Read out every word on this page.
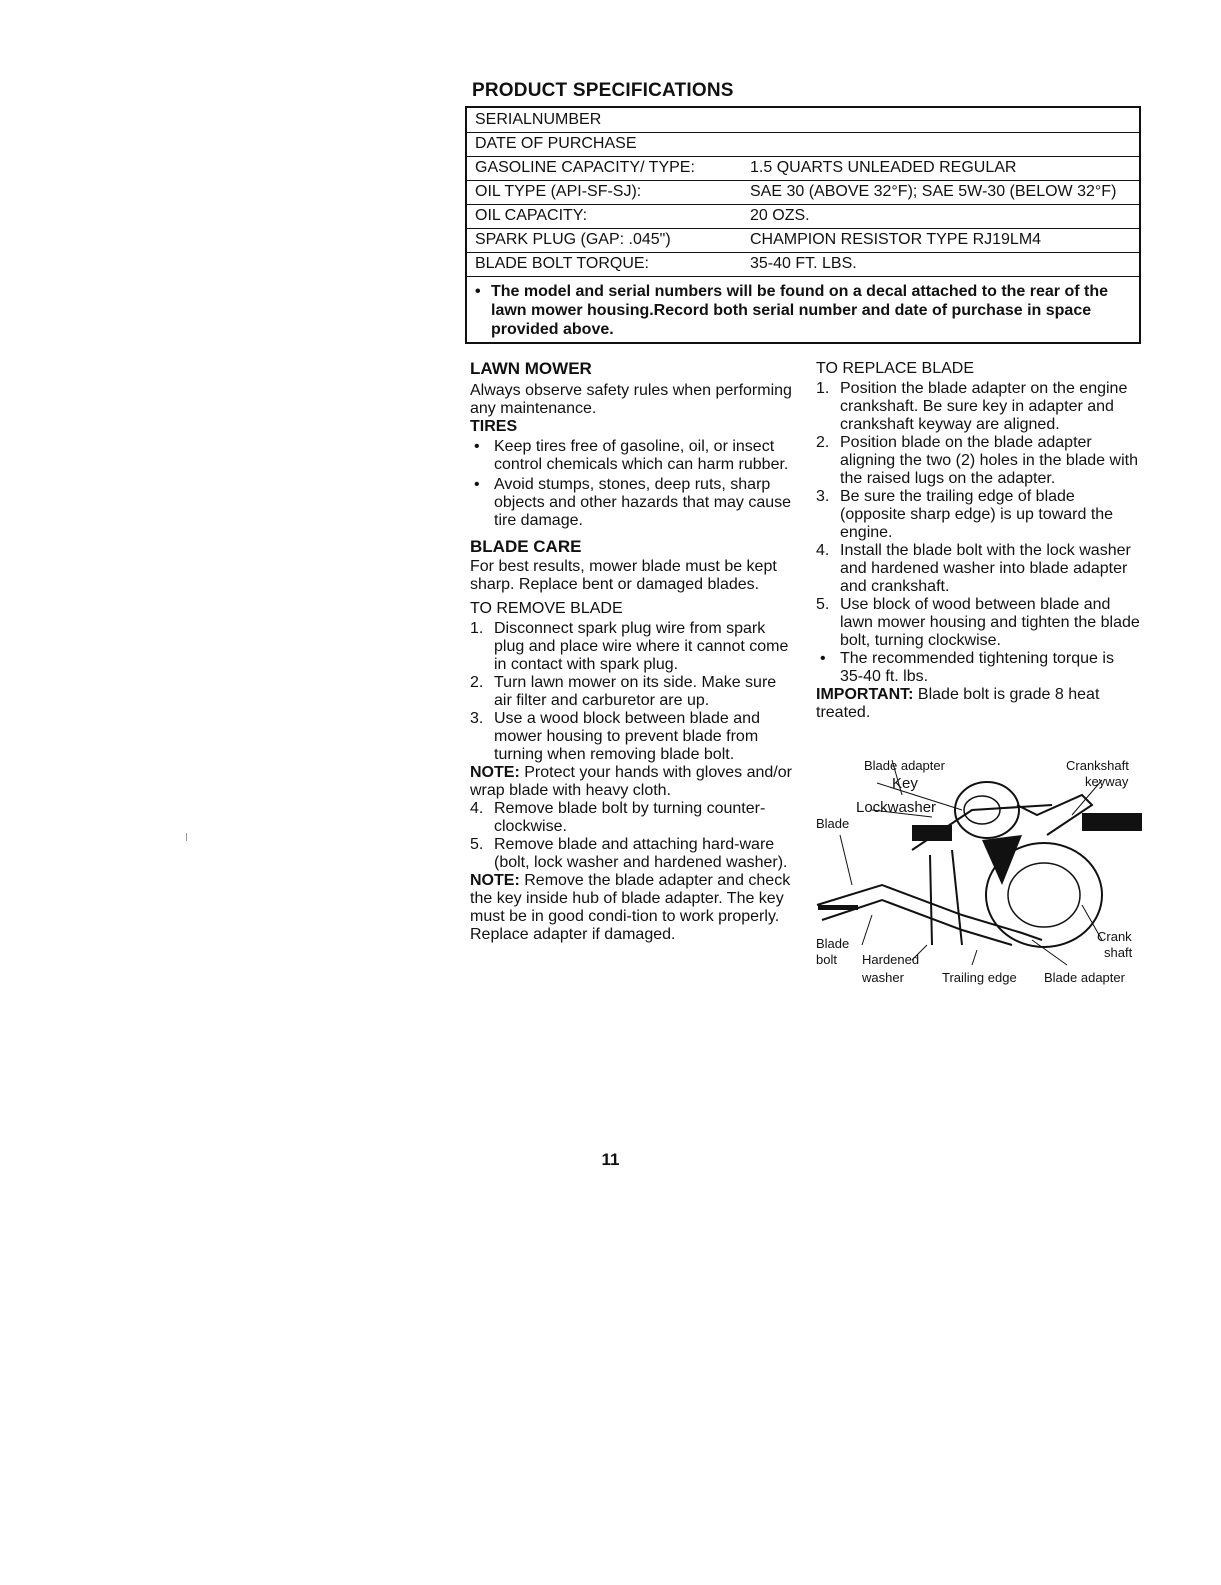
PRODUCT SPECIFICATIONS
SERIALNUMBER
DATE OF PURCHASE
GASOLINE CAPACITY/ TYPE:	1.5 QUARTS UNLEADED REGULAR
OIL TYPE (API-SF-SJ):	SAE 30 (ABOVE 32°F); SAE 5W-30 (BELOW 32°F)
OIL CAPACITY:	20 OZS.
SPARK PLUG (GAP: .045")	CHAMPION RESISTOR TYPE RJ19LM4
BLADE BOLT TORQUE:	35-40 FT. LBS.
• The model and serial numbers will be found on a decal attached to the rear of the lawn mower housing.Record both serial number and date of purchase in space provided above.
LAWN MOWER

Always observe safety rules when performing any maintenance.

TIRES
• Keep tires free of gasoline, oil, or insect control chemicals which can harm rubber.
• Avoid stumps, stones, deep ruts, sharp objects and other hazards that may cause tire damage.
BLADE CARE

For best results, mower blade must be kept sharp. Replace bent or damaged blades.

TO REMOVE BLADE
1. Disconnect spark plug wire from spark plug and place wire where it cannot come in contact with spark plug.
2. Turn lawn mower on its side. Make sure air filter and carburetor are up.
3. Use a wood block between blade and mower housing to prevent blade from turning when removing blade bolt.

NOTE: Protect your hands with gloves and/or wrap blade with heavy cloth.

4. Remove blade bolt by turning counter-clockwise.
5. Remove blade and attaching hard-ware (bolt, lock washer and hardened washer).

NOTE: Remove the blade adapter and check the key inside hub of blade adapter. The key must be in good condi-tion to work properly. Replace adapter if damaged.

TO REPLACE BLADE
1. Position the blade adapter on the engine crankshaft. Be sure key in adapter and crankshaft keyway are aligned.
2. Position blade on the blade adapter aligning the two (2) holes in the blade with the raised lugs on the adapter.
3. Be sure the trailing edge of blade (opposite sharp edge) is up toward the engine.
4. Install the blade bolt with the lock washer and hardened washer into blade adapter and crankshaft.
5. Use block of wood between blade and lawn mower housing and tighten the blade bolt, turning clockwise.
• The recommended tightening torque is 35-40 ft. lbs.

IMPORTANT: Blade bolt is grade 8 heat treated.

Blade adapter
Key
Lockwasher
Blade
Crankshaft
keyway
Crank
shaft
Blade
bolt Hardened
washer	Trailing edge Blade adapter
11
